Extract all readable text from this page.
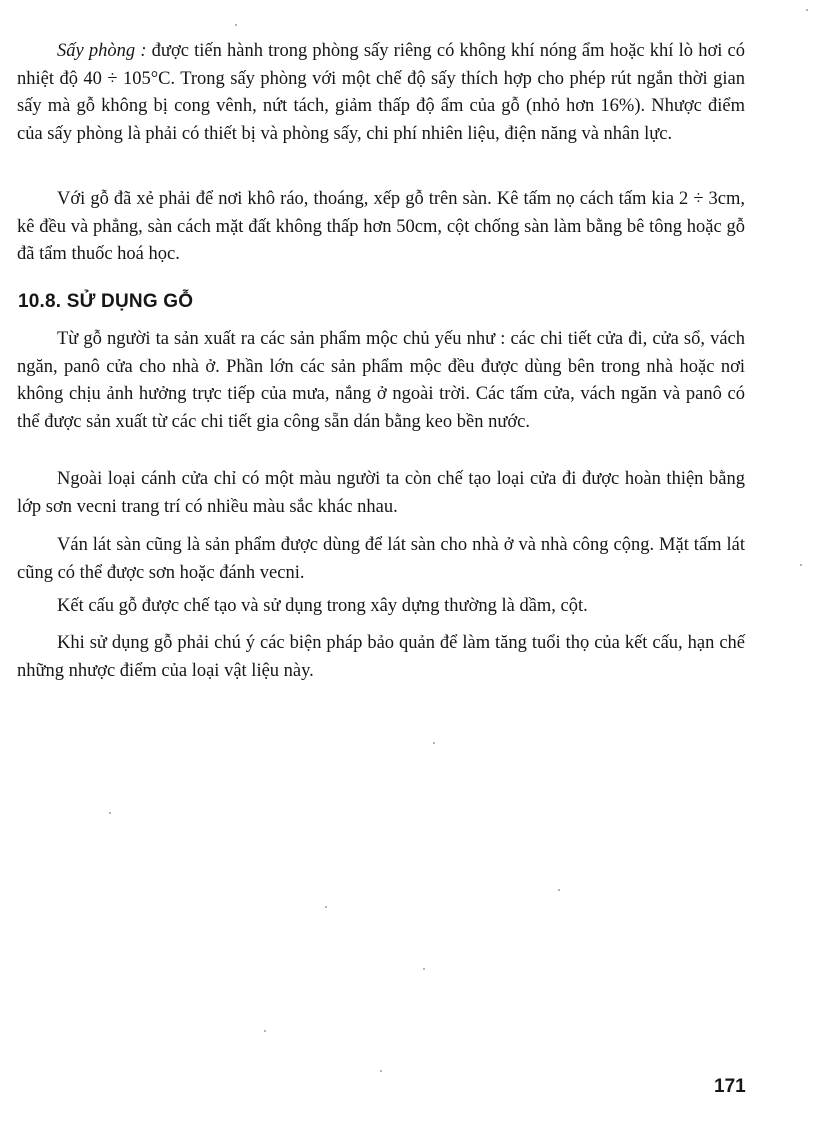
Sấy phòng : được tiến hành trong phòng sấy riêng có không khí nóng ẩm hoặc khí lò hơi có nhiệt độ 40 ÷ 105°C. Trong sấy phòng với một chế độ sấy thích hợp cho phép rút ngắn thời gian sấy mà gỗ không bị cong vênh, nứt tách, giảm thấp độ ẩm của gỗ (nhỏ hơn 16%). Nhược điểm của sấy phòng là phải có thiết bị và phòng sấy, chi phí nhiên liệu, điện năng và nhân lực.

Với gỗ đã xẻ phải để nơi khô ráo, thoáng, xếp gỗ trên sàn. Kê tấm nọ cách tấm kia 2 ÷ 3cm, kê đều và phẳng, sàn cách mặt đất không thấp hơn 50cm, cột chống sàn làm bằng bê tông hoặc gỗ đã tẩm thuốc hoá học.

10.8. SỬ DỤNG GỖ

Từ gỗ người ta sản xuất ra các sản phẩm mộc chủ yếu như : các chi tiết cửa đi, cửa sổ, vách ngăn, panô cửa cho nhà ở. Phần lớn các sản phẩm mộc đều được dùng bên trong nhà hoặc nơi không chịu ảnh hưởng trực tiếp của mưa, nắng ở ngoài trời. Các tấm cửa, vách ngăn và panô có thể được sản xuất từ các chi tiết gia công sẵn dán bằng keo bền nước.

Ngoài loại cánh cửa chỉ có một màu người ta còn chế tạo loại cửa đi được hoàn thiện bằng lớp sơn vecni trang trí có nhiều màu sắc khác nhau.

Ván lát sàn cũng là sản phẩm được dùng để lát sàn cho nhà ở và nhà công cộng. Mặt tấm lát cũng có thể được sơn hoặc đánh vecni.

Kết cấu gỗ được chế tạo và sử dụng trong xây dựng thường là dầm, cột.

Khi sử dụng gỗ phải chú ý các biện pháp bảo quản để làm tăng tuổi thọ của kết cấu, hạn chế những nhược điểm của loại vật liệu này.

171
